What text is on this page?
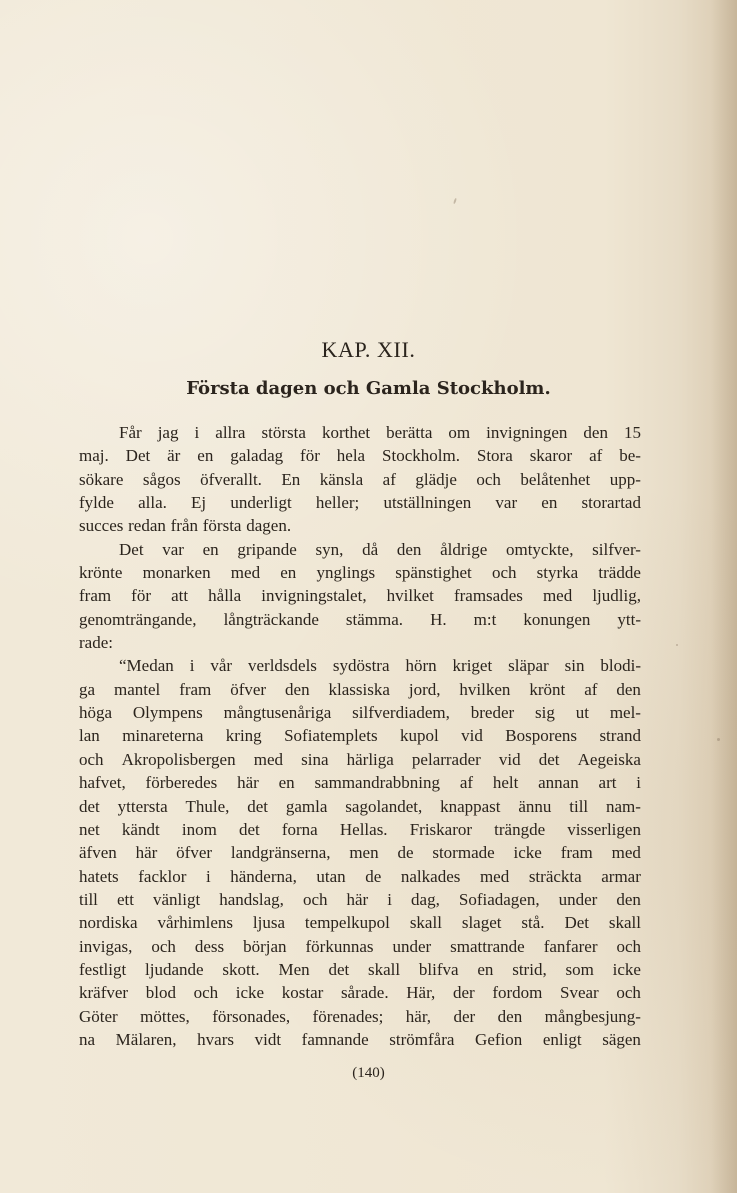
KAP. XII.
Första dagen och Gamla Stockholm.
Får jag i allra största korthet berätta om invigningen den 15
maj. Det är en galadag för hela Stockholm. Stora skaror af be-
sökare sågos öfverallt. En känsla af glädje och belåtenhet upp-
fylde alla. Ej underligt heller; utställningen var en storartad
succes redan från första dagen.
Det var en gripande syn, då den åldrige omtyckte, silfver-
krönte monarken med en ynglings spänstighet och styrka trädde
fram för att hålla invigningstalet, hvilket framsades med ljudlig,
genomträngande, långträckande stämma. H. m:t konungen ytt-
rade:
“Medan i vår verldsdels sydöstra hörn kriget släpar sin blodi-
ga mantel fram öfver den klassiska jord, hvilken krönt af den
höga Olympens mångtusenåriga silfverdiadem, breder sig ut mel-
lan minareterna kring Sofiatemplets kupol vid Bosporens strand
och Akropolisbergen med sina härliga pelarrader vid det Aegeiska
hafvet, förberedes här en sammandrabbning af helt annan art i
det yttersta Thule, det gamla sagolandet, knappast ännu till nam-
net kändt inom det forna Hellas. Friskaror trängde visserligen
äfven här öfver landgränserna, men de stormade icke fram med
hatets facklor i händerna, utan de nalkades med sträckta armar
till ett vänligt handslag, och här i dag, Sofiadagen, under den
nordiska vårhimlens ljusa tempelkupol skall slaget stå. Det skall
invigas, och dess början förkunnas under smattrande fanfarer och
festligt ljudande skott. Men det skall blifva en strid, som icke
kräfver blod och icke kostar sårade. Här, der fordom Svear och
Göter möttes, försonades, förenades; här, der den mångbesjung-
na Mälaren, hvars vidt famnande strömfåra Gefion enligt sägen
(140)
